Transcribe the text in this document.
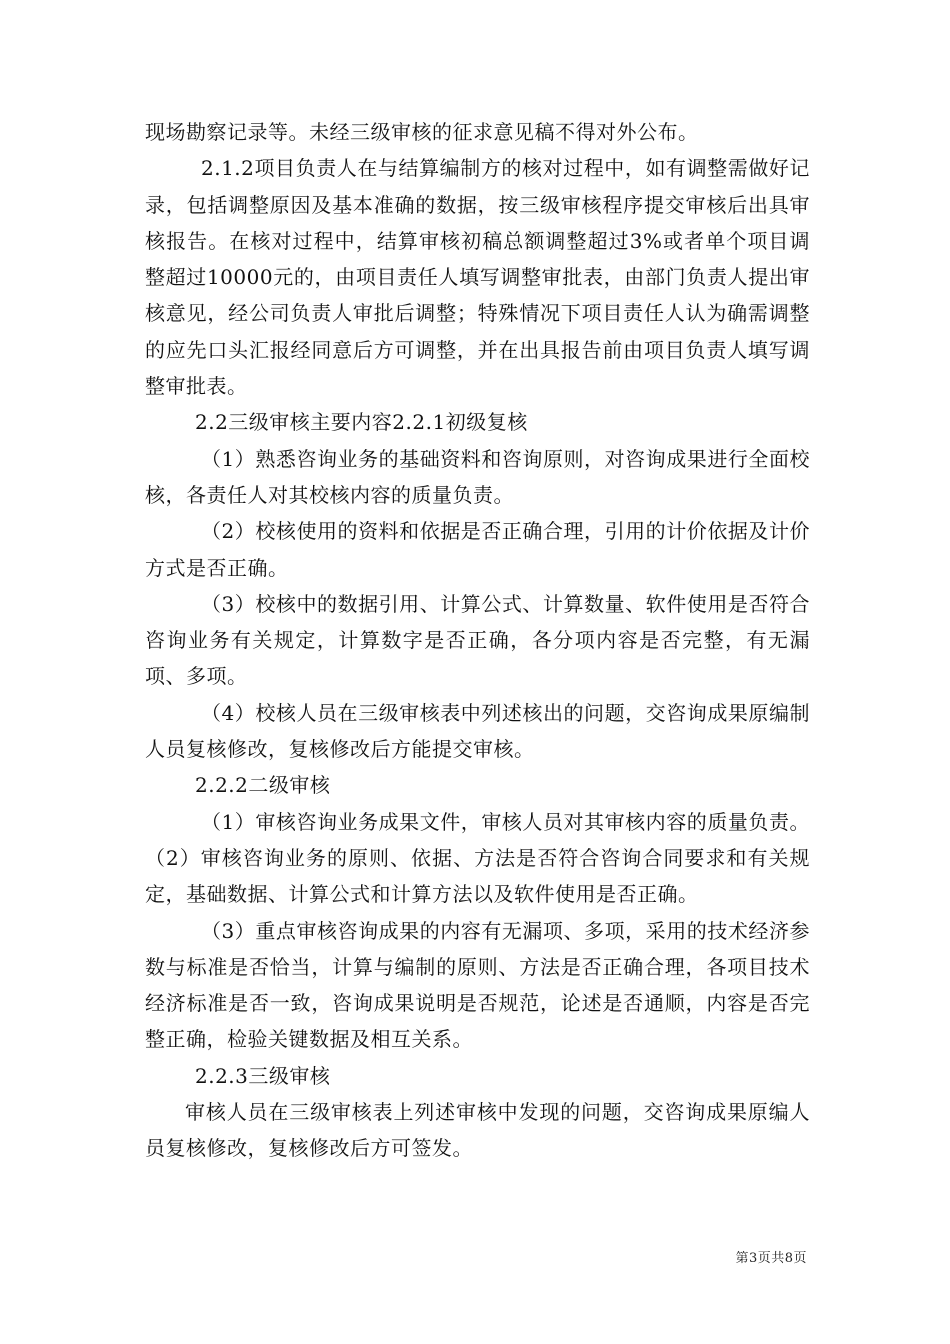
现场勘察记录等。未经三级审核的征求意见稿不得对外公布。

2.1.2项目负责人在与结算编制方的核对过程中，如有调整需做好记录，包括调整原因及基本准确的数据，按三级审核程序提交审核后出具审核报告。在核对过程中，结算审核初稿总额调整超过3%或者单个项目调整超过10000元的，由项目责任人填写调整审批表，由部门负责人提出审核意见，经公司负责人审批后调整；特殊情况下项目责任人认为确需调整的应先口头汇报经同意后方可调整，并在出具报告前由项目负责人填写调整审批表。

2.2三级审核主要内容2.2.1初级复核

（1）熟悉咨询业务的基础资料和咨询原则，对咨询成果进行全面校核，各责任人对其校核内容的质量负责。

（2）校核使用的资料和依据是否正确合理，引用的计价依据及计价方式是否正确。

（3）校核中的数据引用、计算公式、计算数量、软件使用是否符合咨询业务有关规定，计算数字是否正确，各分项内容是否完整，有无漏项、多项。

（4）校核人员在三级审核表中列述核出的问题，交咨询成果原编制人员复核修改，复核修改后方能提交审核。

2.2.2二级审核

（1）审核咨询业务成果文件，审核人员对其审核内容的质量负责。（2）审核咨询业务的原则、依据、方法是否符合咨询合同要求和有关规定，基础数据、计算公式和计算方法以及软件使用是否正确。

（3）重点审核咨询成果的内容有无漏项、多项，采用的技术经济参数与标准是否恰当，计算与编制的原则、方法是否正确合理，各项目技术经济标准是否一致，咨询成果说明是否规范，论述是否通顺，内容是否完整正确，检验关键数据及相互关系。

2.2.3三级审核

审核人员在三级审核表上列述审核中发现的问题，交咨询成果原编人员复核修改，复核修改后方可签发。

第3页共8页
